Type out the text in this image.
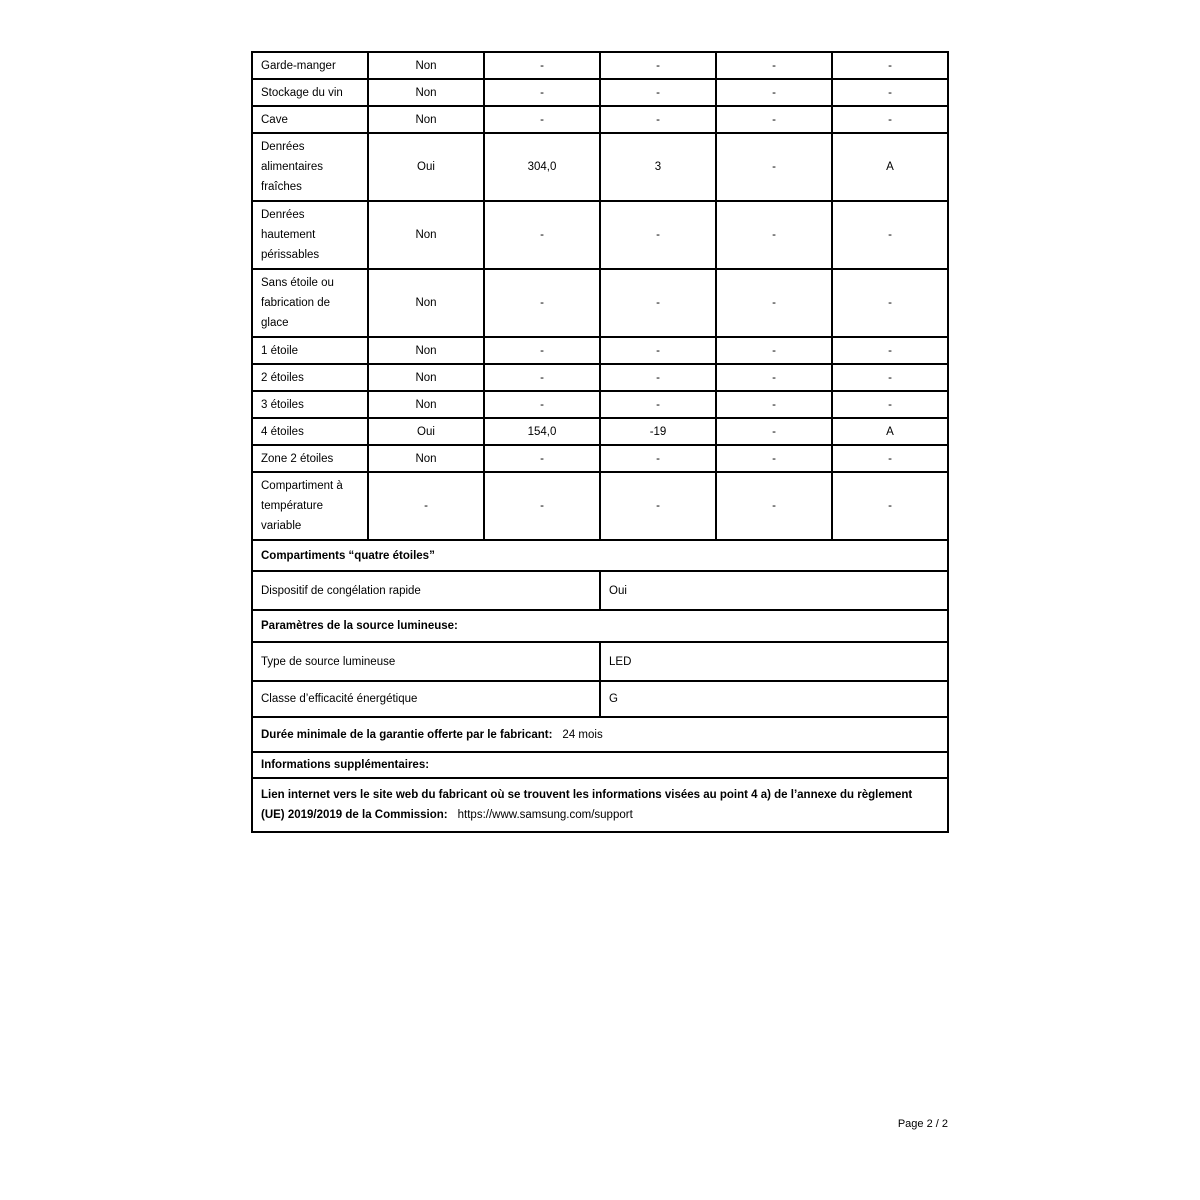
Garde-manger	Non	-	-	-	-
Stockage du vin	Non	-	-	-	-
Cave	Non	-	-	-	-
Denrées alimentaires fraîches	Oui	304,0	3	-	A
Denrées hautement périssables	Non	-	-	-	-
Sans étoile ou fabrication de glace	Non	-	-	-	-
1 étoile	Non	-	-	-	-
2 étoiles	Non	-	-	-	-
3 étoiles	Non	-	-	-	-
4 étoiles	Oui	154,0	-19	-	A
Zone 2 étoiles	Non	-	-	-	-
Compartiment à température variable	-	-	-	-	-
Compartiments “quatre étoiles”					
Dispositif de congélation rapide			Oui		
Paramètres de la source lumineuse:					
Type de source lumineuse			LED		
Classe d’efficacité énergétique			G		
Durée minimale de la garantie offerte par le fabricant: 24 mois					
Informations supplémentaires:					
Lien internet vers le site web du fabricant où se trouvent les informations visées au point 4 a) de l’annexe du règlement (UE) 2019/2019 de la Commission: https://www.samsung.com/support					
Page 2 / 2
